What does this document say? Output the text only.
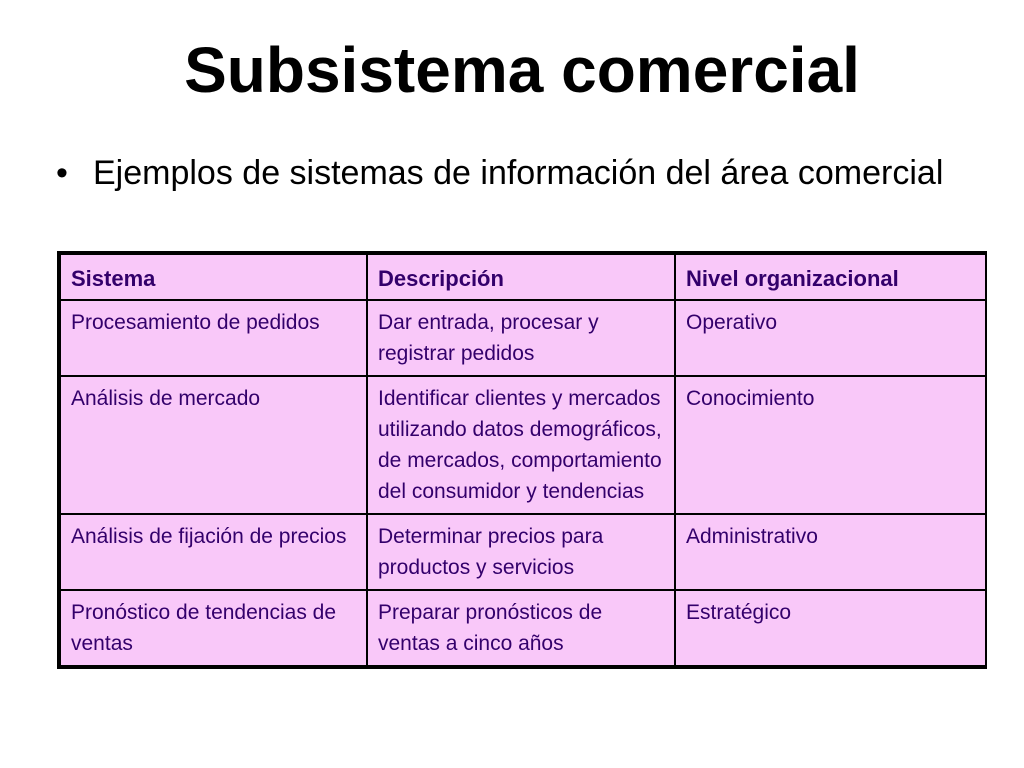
Subsistema comercial
• Ejemplos de sistemas de información del área comercial
Sistema	Descripción	Nivel organizacional
Procesamiento de pedidos	Dar entrada, procesar y registrar pedidos	Operativo
Análisis de mercado	Identificar clientes y mercados utilizando datos demográficos, de mercados, comportamiento del consumidor y tendencias	Conocimiento
Análisis de fijación de precios	Determinar precios para productos y servicios	Administrativo
Pronóstico de tendencias de ventas	Preparar pronósticos de ventas a cinco años	Estratégico
